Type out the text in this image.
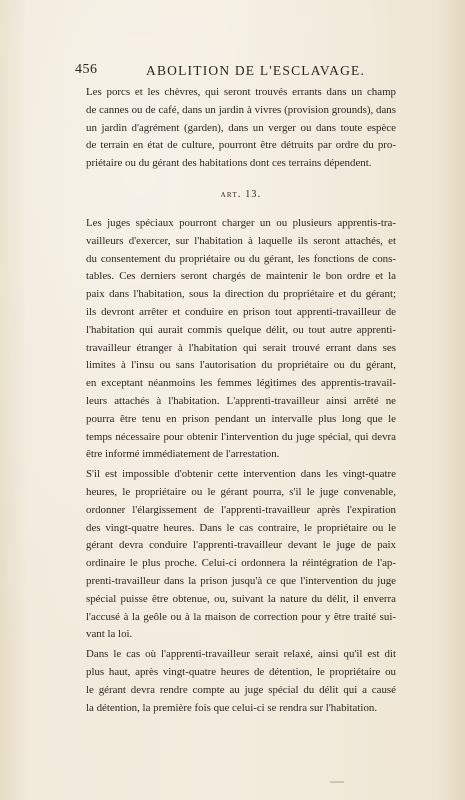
456	ABOLITION DE L'ESCLAVAGE.

Les porcs et les chèvres, qui seront trouvés errants dans un champ
de cannes ou de café, dans un jardin à vivres (provision grounds), dans
un jardin d'agrément (garden), dans un verger ou dans toute espèce
de terrain en état de culture, pourront être détruits par ordre du pro-
priétaire ou du gérant des habitations dont ces terrains dépendent.

art. 13.

Les juges spéciaux pourront charger un ou plusieurs apprentis-tra-
vailleurs d'exercer, sur l'habitation à laquelle ils seront attachés, et
du consentement du propriétaire ou du gérant, les fonctions de cons-
tables. Ces derniers seront chargés de maintenir le bon ordre et la
paix dans l'habitation, sous la direction du propriétaire et du gérant;
ils devront arrêter et conduire en prison tout apprenti-travailleur de
l'habitation qui aurait commis quelque délit, ou tout autre apprenti-
travailleur étranger à l'habitation qui serait trouvé errant dans ses
limites à l'insu ou sans l'autorisation du propriétaire ou du gérant,
en exceptant néanmoins les femmes légitimes des apprentis-travail-
leurs attachés à l'habitation. L'apprenti-travailleur ainsi arrêté ne
pourra être tenu en prison pendant un intervalle plus long que le
temps nécessaire pour obtenir l'intervention du juge spécial, qui devra
être informé immédiatement de l'arrestation.

S'il est impossible d'obtenir cette intervention dans les vingt-quatre
heures, le propriétaire ou le gérant pourra, s'il le juge convenable,
ordonner l'élargissement de l'apprenti-travailleur après l'expiration
des vingt-quatre heures. Dans le cas contraire, le propriétaire ou le
gérant devra conduire l'apprenti-travailleur devant le juge de paix
ordinaire le plus proche. Celui-ci ordonnera la réintégration de l'ap-
prenti-travailleur dans la prison jusqu'à ce que l'intervention du juge
spécial puisse être obtenue, ou, suivant la nature du délit, il enverra
l'accusé à la geôle ou à la maison de correction pour y être traité sui-
vant la loi.

Dans le cas où l'apprenti-travailleur serait relaxé, ainsi qu'il est dit
plus haut, après vingt-quatre heures de détention, le propriétaire ou
le gérant devra rendre compte au juge spécial du délit qui a causé
la détention, la première fois que celui-ci se rendra sur l'habitation.
